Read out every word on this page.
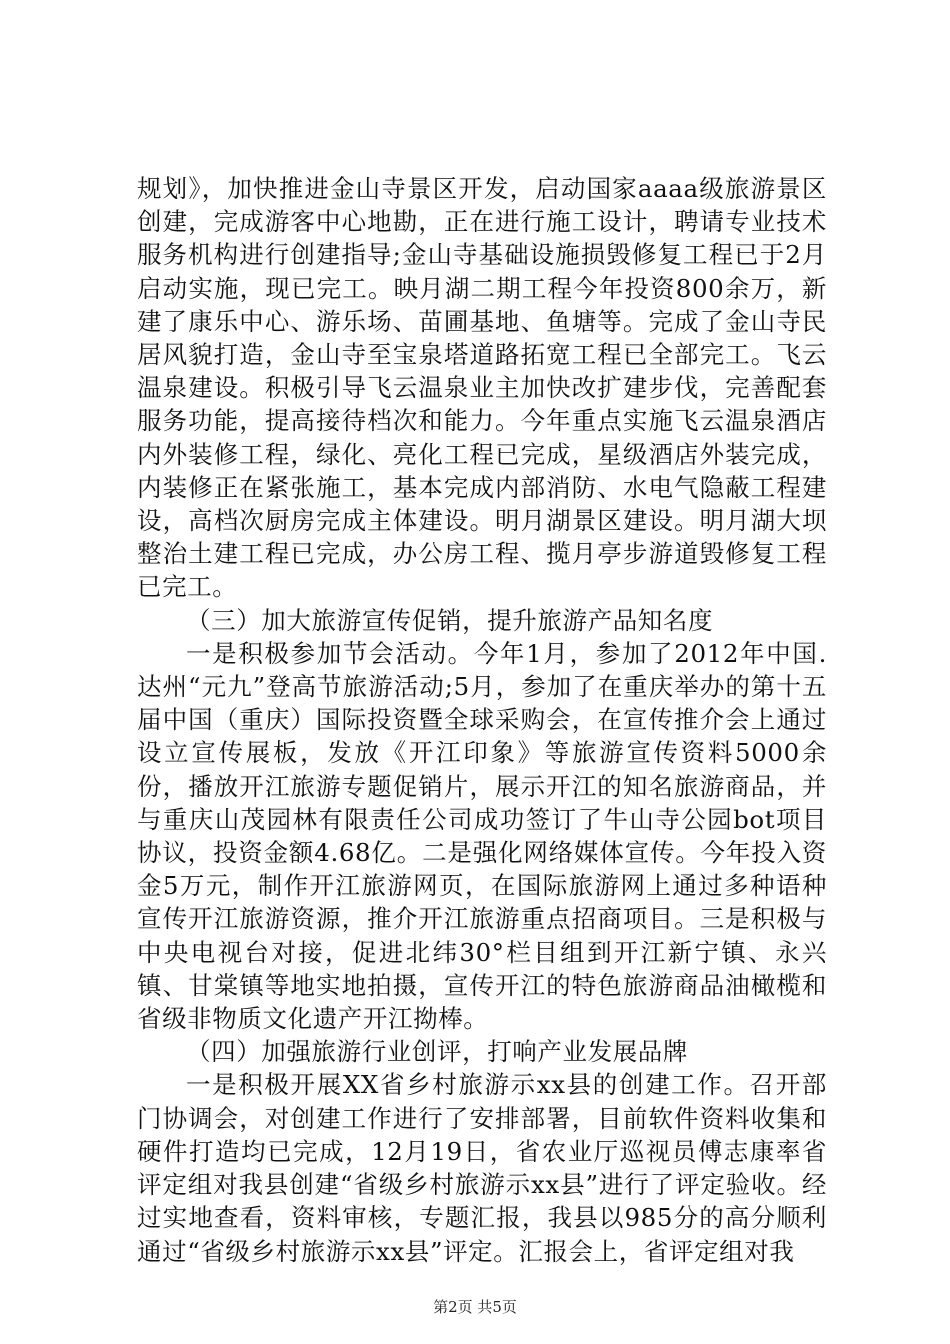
规划》，加快推进金山寺景区开发，启动国家aaaa级旅游景区创建，完成游客中心地勘，正在进行施工设计，聘请专业技术服务机构进行创建指导;金山寺基础设施损毁修复工程已于2月启动实施，现已完工。映月湖二期工程今年投资800余万，新建了康乐中心、游乐场、苗圃基地、鱼塘等。完成了金山寺民居风貌打造，金山寺至宝泉塔道路拓宽工程已全部完工。飞云温泉建设。积极引导飞云温泉业主加快改扩建步伐，完善配套服务功能，提高接待档次和能力。今年重点实施飞云温泉酒店内外装修工程，绿化、亮化工程已完成，星级酒店外装完成，内装修正在紧张施工，基本完成内部消防、水电气隐蔽工程建设，高档次厨房完成主体建设。明月湖景区建设。明月湖大坝整治土建工程已完成，办公房工程、揽月亭步游道毁修复工程已完工。

（三）加大旅游宣传促销，提升旅游产品知名度

一是积极参加节会活动。今年1月，参加了2012年中国.达州“元九”登高节旅游活动;5月，参加了在重庆举办的第十五届中国（重庆）国际投资暨全球采购会，在宣传推介会上通过设立宣传展板，发放《开江印象》等旅游宣传资料5000余份，播放开江旅游专题促销片，展示开江的知名旅游商品，并与重庆山茂园林有限责任公司成功签订了牛山寺公园bot项目协议，投资金额4.68亿。二是强化网络媒体宣传。今年投入资金5万元，制作开江旅游网页，在国际旅游网上通过多种语种宣传开江旅游资源，推介开江旅游重点招商项目。三是积极与中央电视台对接，促进北纬30°栏目组到开江新宁镇、永兴镇、甘棠镇等地实地拍摄，宣传开江的特色旅游商品油橄榄和省级非物质文化遗产开江拗棒。

（四）加强旅游行业创评，打响产业发展品牌

一是积极开展XX省乡村旅游示xx县的创建工作。召开部门协调会，对创建工作进行了安排部署，目前软件资料收集和硬件打造均已完成，12月19日，省农业厅巡视员傅志康率省评定组对我县创建“省级乡村旅游示xx县”进行了评定验收。经过实地查看，资料审核，专题汇报，我县以985分的高分顺利通过“省级乡村旅游示xx县”评定。汇报会上，省评定组对我

第2页 共5页
